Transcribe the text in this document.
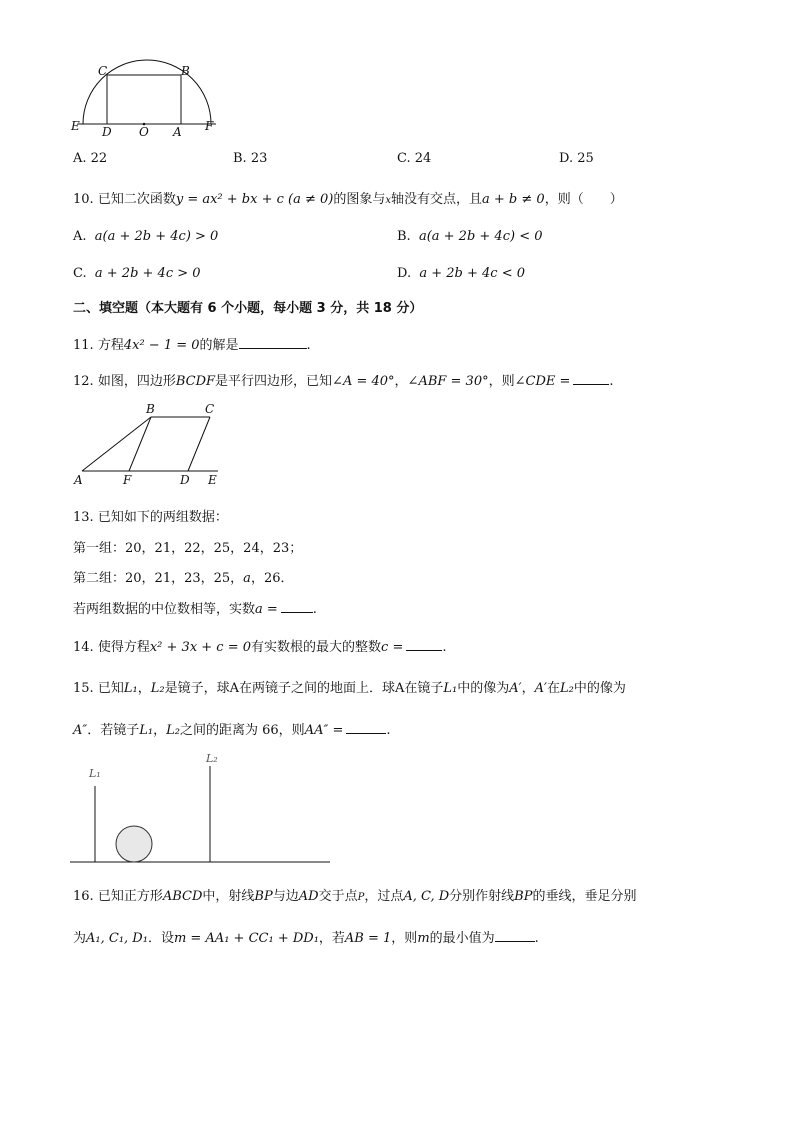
C	B
E D O A F
A. 22	B. 23	C. 24	D. 25
10. 已知二次函数y = ax² + bx + c (a ≠ 0)的图象与x轴没有交点，且a + b ≠ 0，则（　　）
A. a(a + 2b + 4c) > 0	B. a(a + 2b + 4c) < 0
C. a + 2b + 4c > 0	D. a + 2b + 4c < 0
二、填空题（本大题有 6 个小题，每小题 3 分，共 18 分）
11. 方程4x² − 1 = 0的解是	.
12. 如图，四边形BCDF是平行四边形，已知∠A = 40°，∠ABF = 30°，则∠CDE =	.
B	C
A	F	D E
13. 已知如下的两组数据：
第一组：20，21，22，25，24，23；
第二组：20，21，23，25，a，26．
若两组数据的中位数相等，实数a =	.
14. 使得方程x² + 3x + c = 0有实数根的最大的整数c =	.
15. 已知L₁，L₂是镜子，球A在两镜子之间的地面上．球A在镜子L₁中的像为A′，A′在L₂中的像为
A″．若镜子L₁，L₂之间的距离为 66，则AA″ =	.
L₁
L₂
16. 已知正方形ABCD中，射线BP与边AD交于点P，过点A, C, D分别作射线BP的垂线，垂足分别
为A₁, C₁, D₁．设m = AA₁ + CC₁ + DD₁，若AB = 1，则m的最小值为	.
